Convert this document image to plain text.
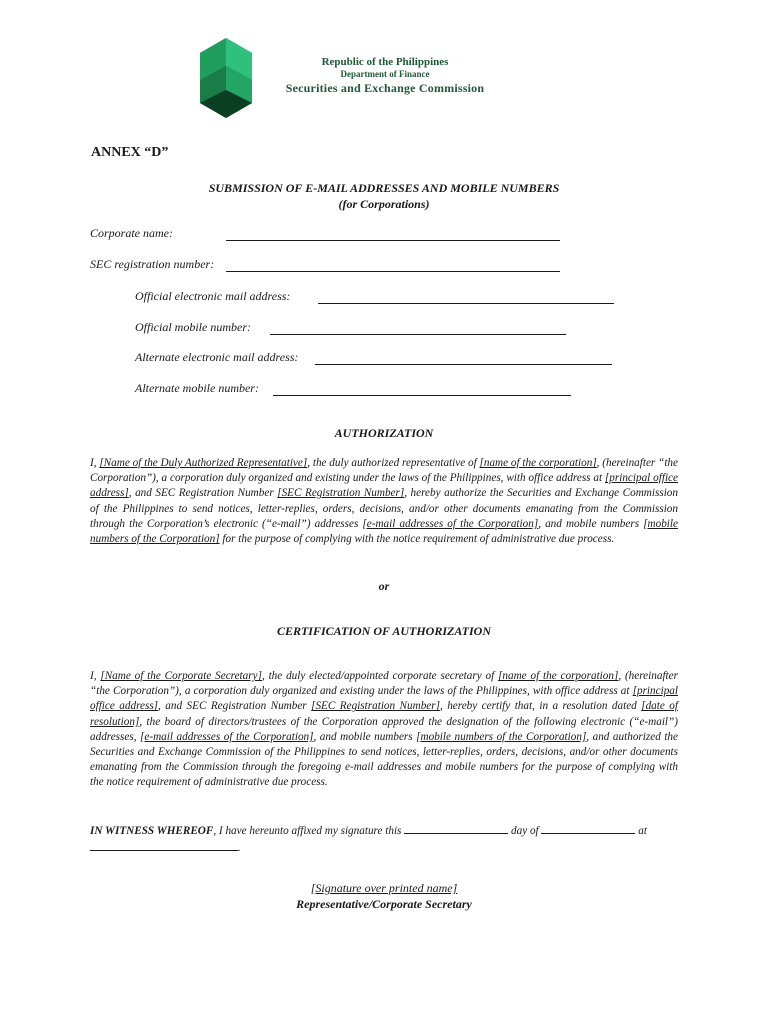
Republic of the Philippines
Department of Finance
Securities and Exchange Commission
ANNEX “D”
SUBMISSION OF E-MAIL ADDRESSES AND MOBILE NUMBERS
(for Corporations)
Corporate name:
SEC registration number:
Official electronic mail address:
Official mobile number:
Alternate electronic mail address:
Alternate mobile number:
AUTHORIZATION
I, [Name of the Duly Authorized Representative], the duly authorized representative of [name of the corporation], (hereinafter “the Corporation”), a corporation duly organized and existing under the laws of the Philippines, with office address at [principal office address], and SEC Registration Number [SEC Registration Number], hereby authorize the Securities and Exchange Commission of the Philippines to send notices, letter-replies, orders, decisions, and/or other documents emanating from the Commission through the Corporation’s electronic (“e-mail”) addresses [e-mail addresses of the Corporation], and mobile numbers [mobile numbers of the Corporation] for the purpose of complying with the notice requirement of administrative due process.
or
CERTIFICATION OF AUTHORIZATION
I, [Name of the Corporate Secretary], the duly elected/appointed corporate secretary of [name of the corporation], (hereinafter “the Corporation”), a corporation duly organized and existing under the laws of the Philippines, with office address at [principal office address], and SEC Registration Number [SEC Registration Number], hereby certify that, in a resolution dated [date of resolution], the board of directors/trustees of the Corporation approved the designation of the following electronic (“e-mail”) addresses, [e-mail addresses of the Corporation], and mobile numbers [mobile numbers of the Corporation], and authorized the Securities and Exchange Commission of the Philippines to send notices, letter-replies, orders, decisions, and/or other documents emanating from the Commission through the foregoing e-mail addresses and mobile numbers for the purpose of complying with the notice requirement of administrative due process.
IN WITNESS WHEREOF, I have hereunto affixed my signature this	day of	at
.
[Signature over printed name]
Representative/Corporate Secretary
